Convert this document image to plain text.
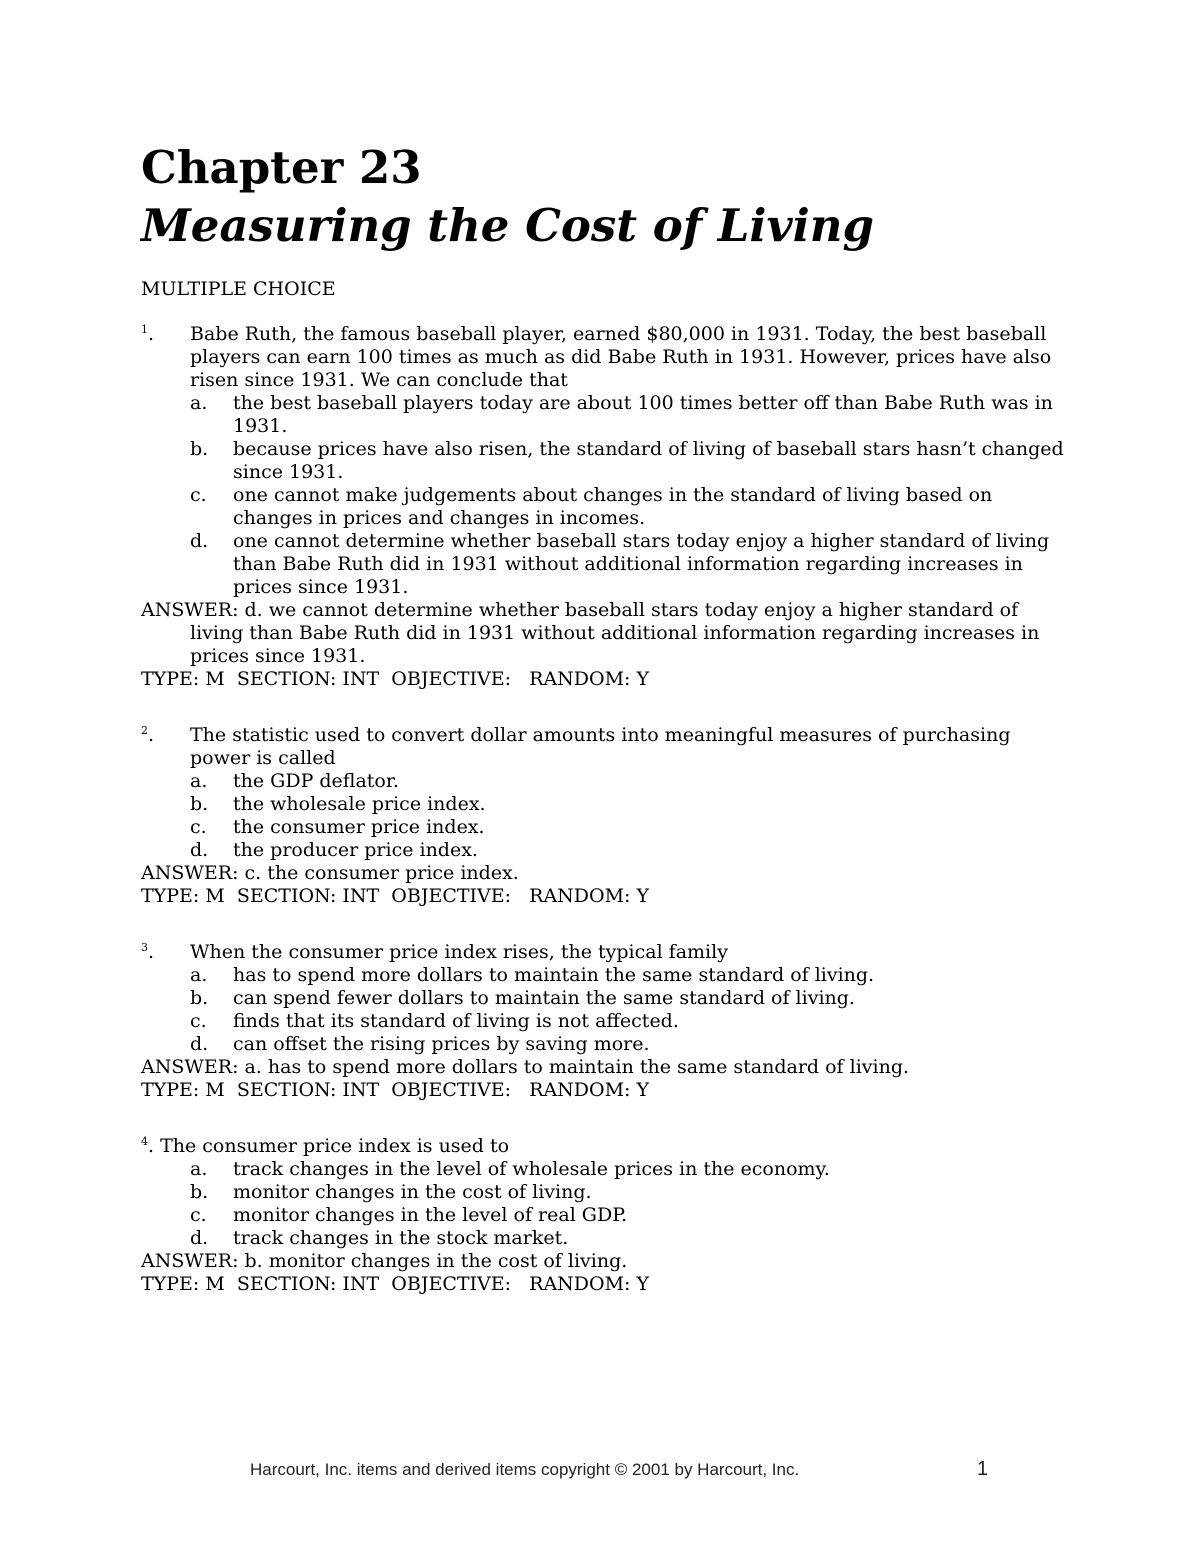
Chapter 23
Measuring the Cost of Living
MULTIPLE CHOICE
$^1$. Babe Ruth, the famous baseball player, earned $80,000 in 1931. Today, the best baseball players can earn 100 times as much as did Babe Ruth in 1931. However, prices have also risen since 1931. We can conclude that
a. the best baseball players today are about 100 times better off than Babe Ruth was in 1931.
b. because prices have also risen, the standard of living of baseball stars hasn’t changed since 1931.
c. one cannot make judgements about changes in the standard of living based on changes in prices and changes in incomes.
d. one cannot determine whether baseball stars today enjoy a higher standard of living than Babe Ruth did in 1931 without additional information regarding increases in prices since 1931.
ANSWER: d. we cannot determine whether baseball stars today enjoy a higher standard of living than Babe Ruth did in 1931 without additional information regarding increases in prices since 1931.
TYPE: M  SECTION: INT  OBJECTIVE:   RANDOM: Y
$^2$. The statistic used to convert dollar amounts into meaningful measures of purchasing power is called
a. the GDP deflator.
b. the wholesale price index.
c. the consumer price index.
d. the producer price index.
ANSWER: c. the consumer price index.
TYPE: M  SECTION: INT  OBJECTIVE:   RANDOM: Y
$^3$. When the consumer price index rises, the typical family
a. has to spend more dollars to maintain the same standard of living.
b. can spend fewer dollars to maintain the same standard of living.
c. finds that its standard of living is not affected.
d. can offset the rising prices by saving more.
ANSWER: a. has to spend more dollars to maintain the same standard of living.
TYPE: M  SECTION: INT  OBJECTIVE:   RANDOM: Y
$^4$. The consumer price index is used to
a. track changes in the level of wholesale prices in the economy.
b. monitor changes in the cost of living.
c. monitor changes in the level of real GDP.
d. track changes in the stock market.
ANSWER: b. monitor changes in the cost of living.
TYPE: M  SECTION: INT  OBJECTIVE:   RANDOM: Y
Harcourt, Inc. items and derived items copyright © 2001 by Harcourt, Inc.	1
